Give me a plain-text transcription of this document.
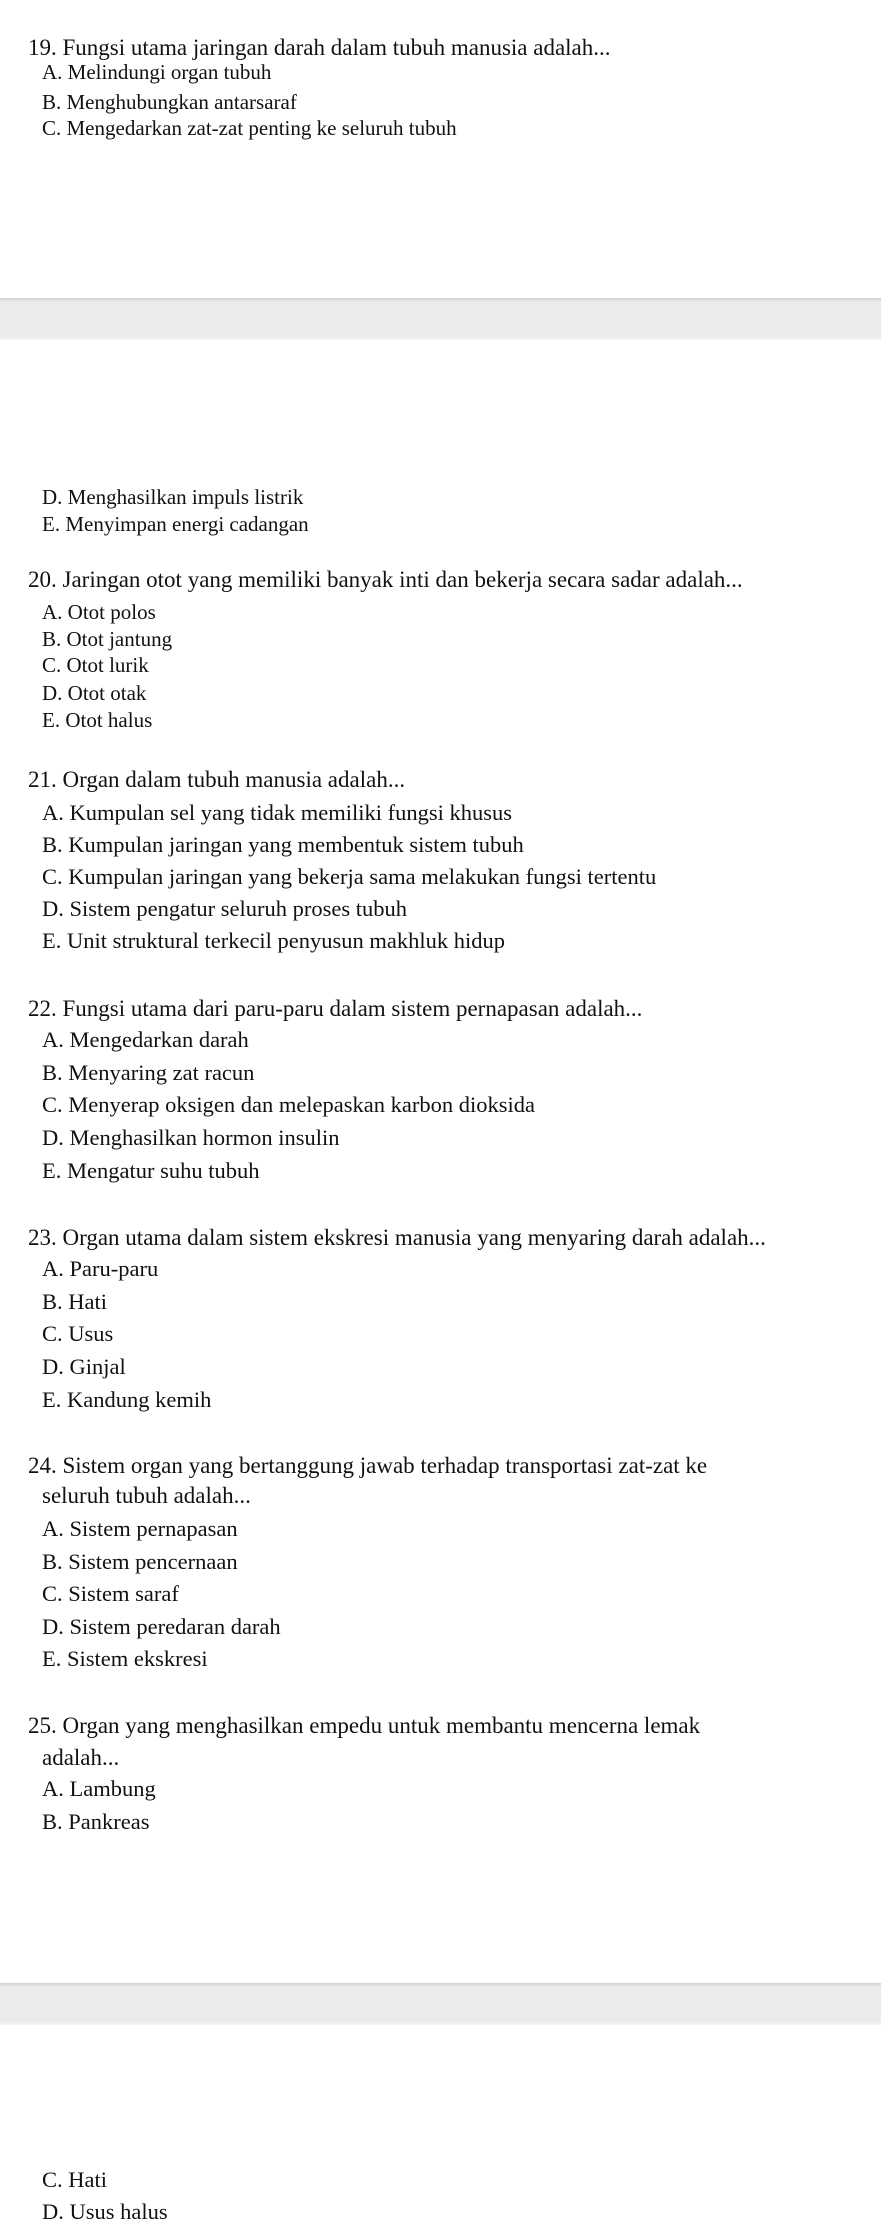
19. Fungsi utama jaringan darah dalam tubuh manusia adalah...
A. Melindungi organ tubuh
B. Menghubungkan antarsaraf
C. Mengedarkan zat-zat penting ke seluruh tubuh
D. Menghasilkan impuls listrik
E. Menyimpan energi cadangan
20. Jaringan otot yang memiliki banyak inti dan bekerja secara sadar adalah...
A. Otot polos
B. Otot jantung
C. Otot lurik
D. Otot otak
E. Otot halus
21. Organ dalam tubuh manusia adalah...
A. Kumpulan sel yang tidak memiliki fungsi khusus
B. Kumpulan jaringan yang membentuk sistem tubuh
C. Kumpulan jaringan yang bekerja sama melakukan fungsi tertentu
D. Sistem pengatur seluruh proses tubuh
E. Unit struktural terkecil penyusun makhluk hidup
22. Fungsi utama dari paru-paru dalam sistem pernapasan adalah...
A. Mengedarkan darah
B. Menyaring zat racun
C. Menyerap oksigen dan melepaskan karbon dioksida
D. Menghasilkan hormon insulin
E. Mengatur suhu tubuh
23. Organ utama dalam sistem ekskresi manusia yang menyaring darah adalah...
A. Paru-paru
B. Hati
C. Usus
D. Ginjal
E. Kandung kemih
24. Sistem organ yang bertanggung jawab terhadap transportasi zat-zat ke
seluruh tubuh adalah...
A. Sistem pernapasan
B. Sistem pencernaan
C. Sistem saraf
D. Sistem peredaran darah
E. Sistem ekskresi
25. Organ yang menghasilkan empedu untuk membantu mencerna lemak
adalah...
A. Lambung
B. Pankreas
C. Hati
D. Usus halus
